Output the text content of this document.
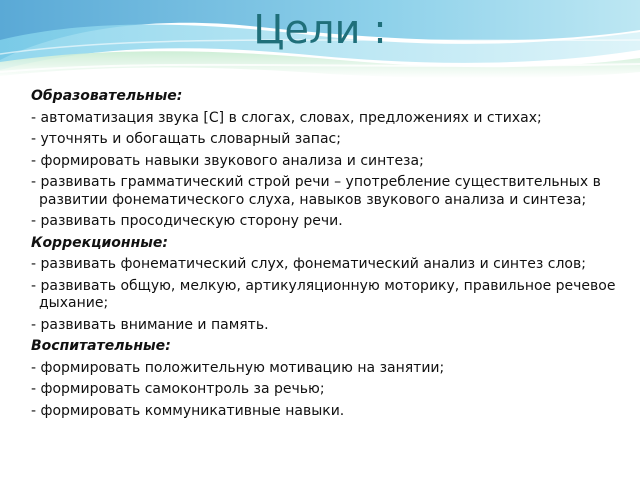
Цели :
Образовательные:
- автоматизация звука [С] в слогах, словах, предложениях и стихах;
- уточнять и обогащать словарный запас;
- формировать навыки звукового анализа и синтеза;
- развивать грамматический строй речи – употребление существительных в развитии фонематического слуха, навыков звукового анализа и синтеза;
- развивать просодическую сторону речи.
Коррекционные:
- развивать фонематический слух, фонематический анализ и синтез слов;
- развивать общую, мелкую, артикуляционную моторику, правильное речевое дыхание;
- развивать внимание и память.
Воспитательные:
- формировать положительную мотивацию на занятии;
- формировать самоконтроль за речью;
- формировать коммуникативные навыки.
